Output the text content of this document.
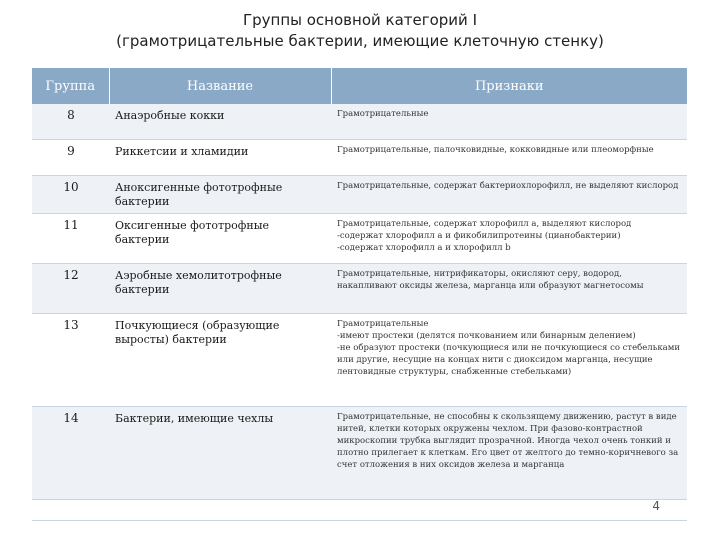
Группы основной категорий I
(грамотрицательные бактерии, имеющие клеточную стенку)
Группа	Название	Признаки
8	Анаэробные кокки	Грамотрицательные

9	Риккетсии и хламидии	Грамотрицательные, палочковидные, кокковидные или плеоморфные

10	Аноксигенные фототрофные бактерии	Грамотрицательные, содержат бактериохлорофилл, не выделяют кислород

11	Оксигенные фототрофные бактерии	Грамотрицательные, содержат хлорофилл a, выделяют кислород
-содержат хлорофилл a и фикобилипротеины (цианобактерии)
-содержат хлорофилл a и хлорофилл b

12	Аэробные хемолитотрофные бактерии	Грамотрицательные, нитрификаторы, окисляют серу, водород, накапливают оксиды железа, марганца или образуют магнетосомы

13	Почкующиеся (образующие выросты) бактерии	Грамотрицательные
-имеют простеки (делятся почкованием или бинарным делением)
-не образуют простеки (почкующиеся или не почкующиеся со стебельками или другие, несущие на концах нити с диоксидом марганца, несущие лентовидные структуры, снабженные стебельками)

14	Бактерии, имеющие чехлы	Грамотрицательные, не способны к скользящему движению, растут в виде нитей, клетки которых окружены чехлом. При фазово-контрастной микроскопии трубка выглядит прозрачной. Иногда чехол очень тонкий и плотно прилегает к клеткам. Его цвет от желтого до темно-коричневого за счет отложения в них оксидов железа и марганца
4
